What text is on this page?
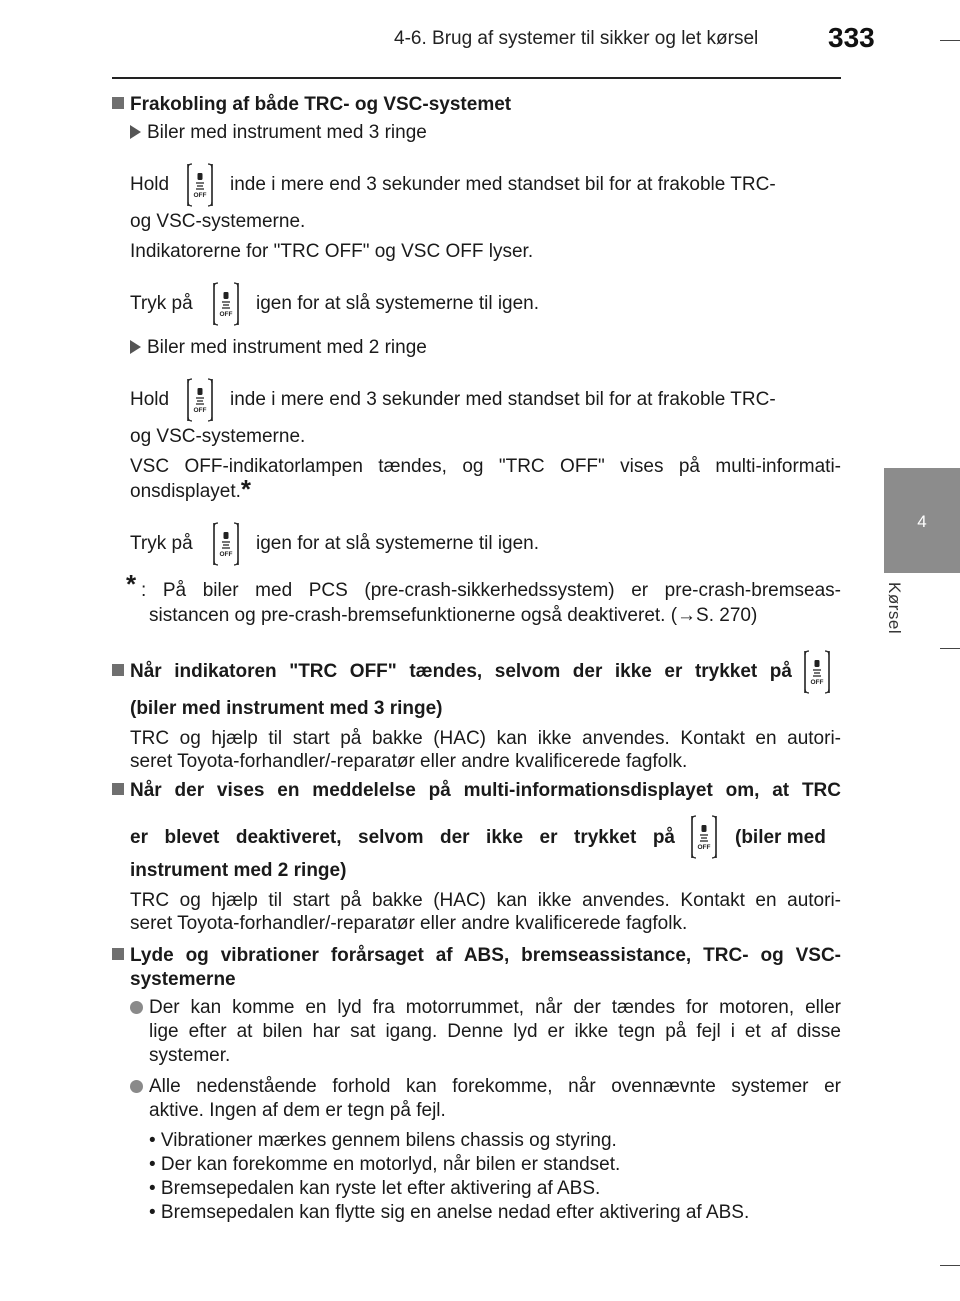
4-6. Brug af systemer til sikker og let kørsel 333
4
Kørsel
Frakobling af både TRC- og VSC-systemet
Biler med instrument med 3 ringe
Hold	inde i mere end 3 sekunder med standset bil for at frakoble TRC-
og VSC-systemerne.
Indikatorerne for "TRC OFF" og VSC OFF lyser.
Tryk på	igen for at slå systemerne til igen.
Biler med instrument med 2 ringe
Hold	inde i mere end 3 sekunder med standset bil for at frakoble TRC-
og VSC-systemerne.
VSC OFF-indikatorlampen tændes, og "TRC OFF" vises på multi-informati-
onsdisplayet.*
Tryk på	igen for at slå systemerne til igen.
* : På biler med PCS (pre-crash-sikkerhedssystem) er pre-crash-bremseas-
sistancen og pre-crash-bremsefunktionerne også deaktiveret. (→S. 270)
Når indikatoren "TRC OFF" tændes, selvom der ikke er trykket på
(biler med instrument med 3 ringe)
TRC og hjælp til start på bakke (HAC) kan ikke anvendes. Kontakt en autori-
seret Toyota-forhandler/-reparatør eller andre kvalificerede fagfolk.
Når der vises en meddelelse på multi-informationsdisplayet om, at TRC
er blevet deaktiveret, selvom der ikke er trykket på	(biler med
instrument med 2 ringe)
TRC og hjælp til start på bakke (HAC) kan ikke anvendes. Kontakt en autori-
seret Toyota-forhandler/-reparatør eller andre kvalificerede fagfolk.
Lyde og vibrationer forårsaget af ABS, bremseassistance, TRC- og VSC-
systemerne
Der kan komme en lyd fra motorrummet, når der tændes for motoren, eller
lige efter at bilen har sat igang. Denne lyd er ikke tegn på fejl i et af disse
systemer.
Alle nedenstående forhold kan forekomme, når ovennævnte systemer er
aktive. Ingen af dem er tegn på fejl.
• Vibrationer mærkes gennem bilens chassis og styring.
• Der kan forekomme en motorlyd, når bilen er standset.
• Bremsepedalen kan ryste let efter aktivering af ABS.
• Bremsepedalen kan flytte sig en anelse nedad efter aktivering af ABS.
OFF
OFF
OFF
OFF
OFF
OFF
